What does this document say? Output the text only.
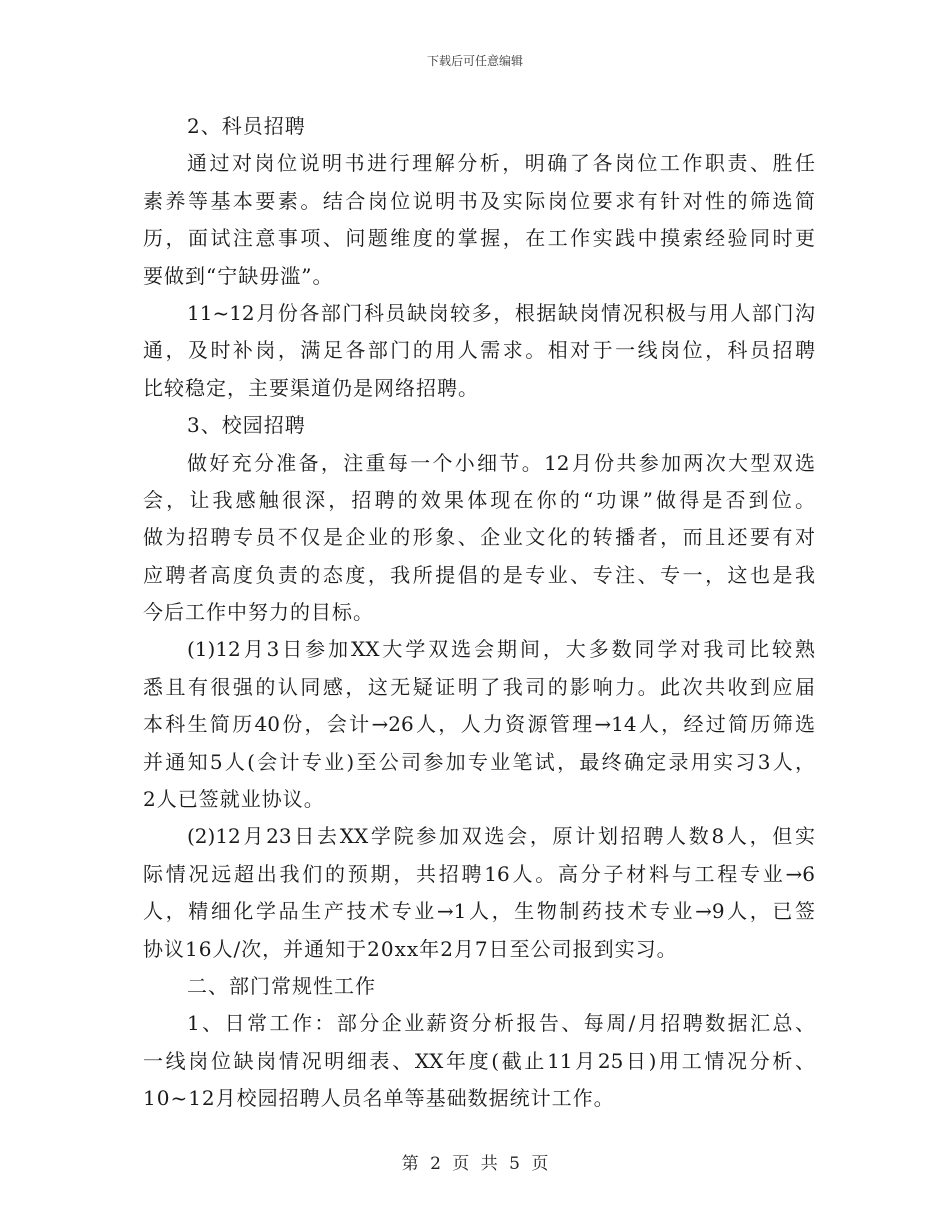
下载后可任意编辑
2、科员招聘
通过对岗位说明书进行理解分析，明确了各岗位工作职责、胜任
素养等基本要素。结合岗位说明书及实际岗位要求有针对性的筛选简
历，面试注意事项、问题维度的掌握，在工作实践中摸索经验同时更
要做到“宁缺毋滥”。
11~12月份各部门科员缺岗较多，根据缺岗情况积极与用人部门沟
通，及时补岗，满足各部门的用人需求。相对于一线岗位，科员招聘
比较稳定，主要渠道仍是网络招聘。
3、校园招聘
做好充分准备，注重每一个小细节。12月份共参加两次大型双选
会，让我感触很深，招聘的效果体现在你的“功课”做得是否到位。
做为招聘专员不仅是企业的形象、企业文化的转播者，而且还要有对
应聘者高度负责的态度，我所提倡的是专业、专注、专一，这也是我
今后工作中努力的目标。
(1)12月3日参加XX大学双选会期间，大多数同学对我司比较熟
悉且有很强的认同感，这无疑证明了我司的影响力。此次共收到应届
本科生简历40份，会计→26人，人力资源管理→14人，经过简历筛选
并通知5人(会计专业)至公司参加专业笔试，最终确定录用实习3人，
2人已签就业协议。
(2)12月23日去XX学院参加双选会，原计划招聘人数8人，但实
际情况远超出我们的预期，共招聘16人。高分子材料与工程专业→6
人，精细化学品生产技术专业→1人，生物制药技术专业→9人，已签
协议16人/次，并通知于20xx年2月7日至公司报到实习。
二、部门常规性工作
1、日常工作：部分企业薪资分析报告、每周/月招聘数据汇总、
一线岗位缺岗情况明细表、XX年度(截止11月25日)用工情况分析、
10~12月校园招聘人员名单等基础数据统计工作。
第 2 页 共 5 页
